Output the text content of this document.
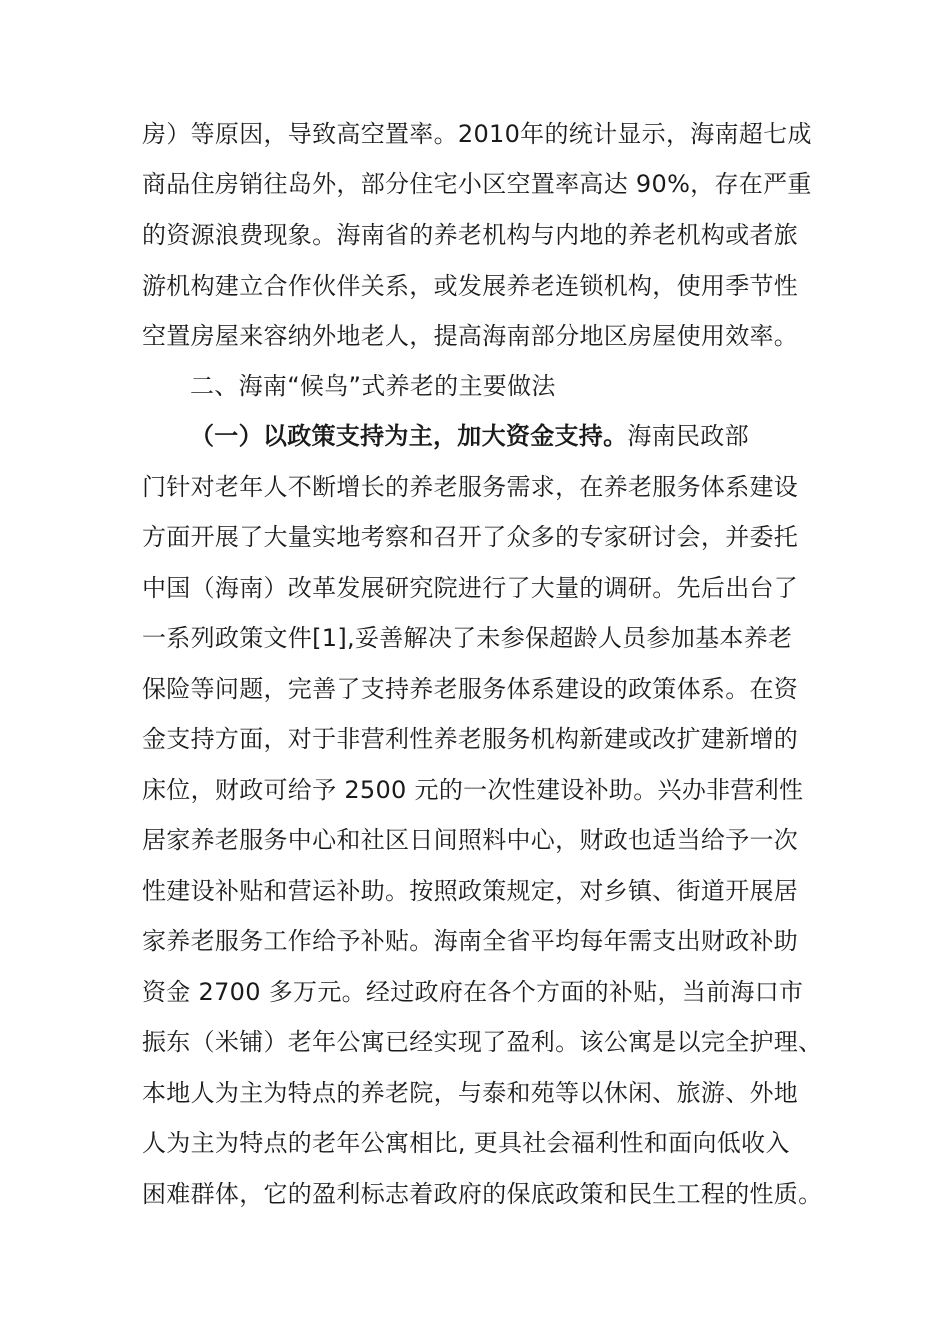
房）等原因，导致高空置率。2010年的统计显示，海南超七成
商品住房销往岛外，部分住宅小区空置率高达 90%，存在严重
的资源浪费现象。海南省的养老机构与内地的养老机构或者旅
游机构建立合作伙伴关系，或发展养老连锁机构，使用季节性
空置房屋来容纳外地老人，提高海南部分地区房屋使用效率。
二、海南“候鸟”式养老的主要做法
（一）以政策支持为主，加大资金支持。海南民政部
门针对老年人不断增长的养老服务需求，在养老服务体系建设
方面开展了大量实地考察和召开了众多的专家研讨会，并委托
中国（海南）改革发展研究院进行了大量的调研。先后出台了
一系列政策文件[1],妥善解决了未参保超龄人员参加基本养老
保险等问题，完善了支持养老服务体系建设的政策体系。在资
金支持方面，对于非营利性养老服务机构新建或改扩建新增的
床位，财政可给予 2500 元的一次性建设补助。兴办非营利性
居家养老服务中心和社区日间照料中心，财政也适当给予一次
性建设补贴和营运补助。按照政策规定，对乡镇、街道开展居
家养老服务工作给予补贴。海南全省平均每年需支出财政补助
资金 2700 多万元。经过政府在各个方面的补贴，当前海口市
振东（米铺）老年公寓已经实现了盈利。该公寓是以完全护理、
本地人为主为特点的养老院，与泰和苑等以休闲、旅游、外地
人为主为特点的老年公寓相比, 更具社会福利性和面向低收入
困难群体，它的盈利标志着政府的保底政策和民生工程的性质。
